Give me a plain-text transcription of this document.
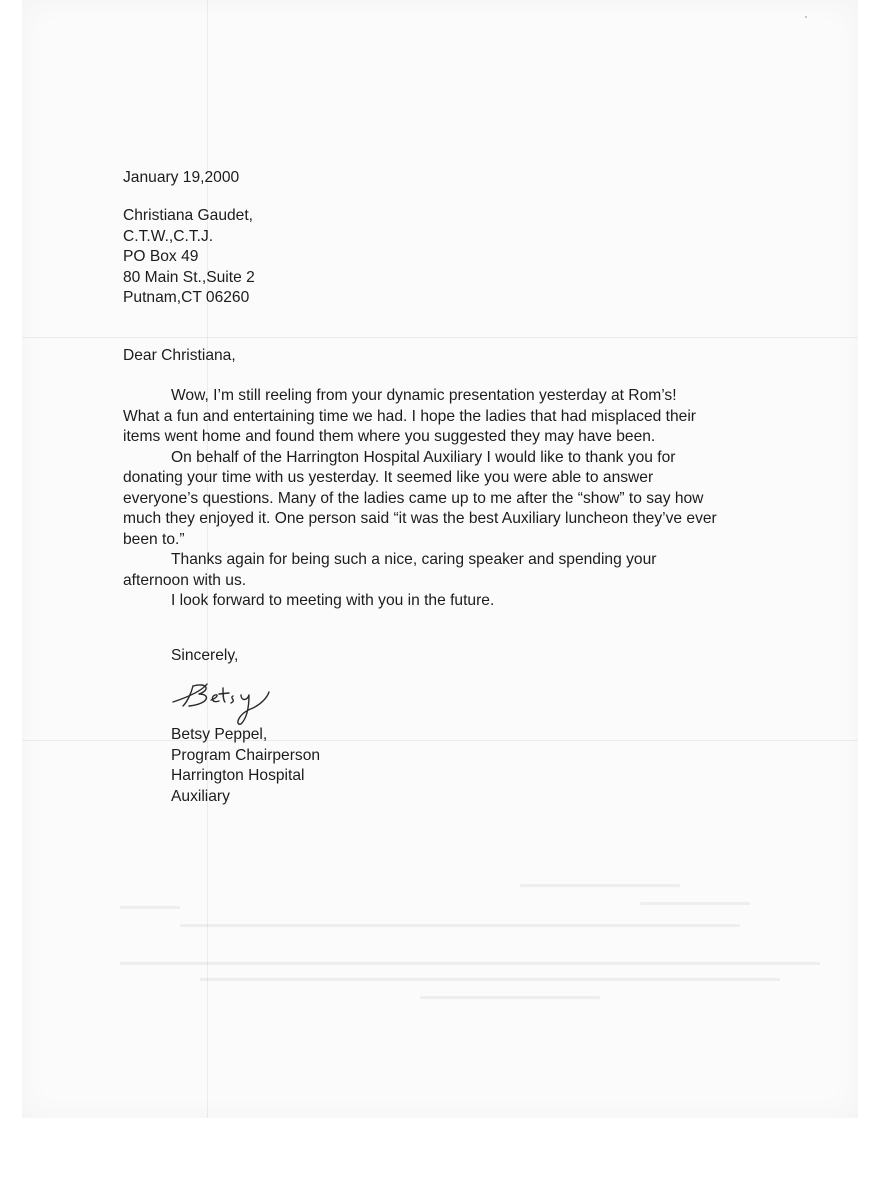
January 19,2000
Christiana Gaudet,
C.T.W.,C.T.J.
PO Box 49
80 Main St.,Suite 2
Putnam,CT 06260
Dear Christiana,
Wow, I’m still reeling from your dynamic presentation yesterday at Rom’s!
What a fun and entertaining time we had. I hope the ladies that had misplaced their
items went home and found them where you suggested they may have been.
On behalf of the Harrington Hospital Auxiliary I would like to thank you for
donating your time with us yesterday. It seemed like you were able to answer
everyone’s questions. Many of the ladies came up to me after the “show” to say how
much they enjoyed it. One person said “it was the best Auxiliary luncheon they’ve ever
been to.”
Thanks again for being such a nice, caring speaker and spending your
afternoon with us.
I look forward to meeting with you in the future.
Sincerely,
Betsy Peppel,
Program Chairperson
Harrington Hospital
Auxiliary
